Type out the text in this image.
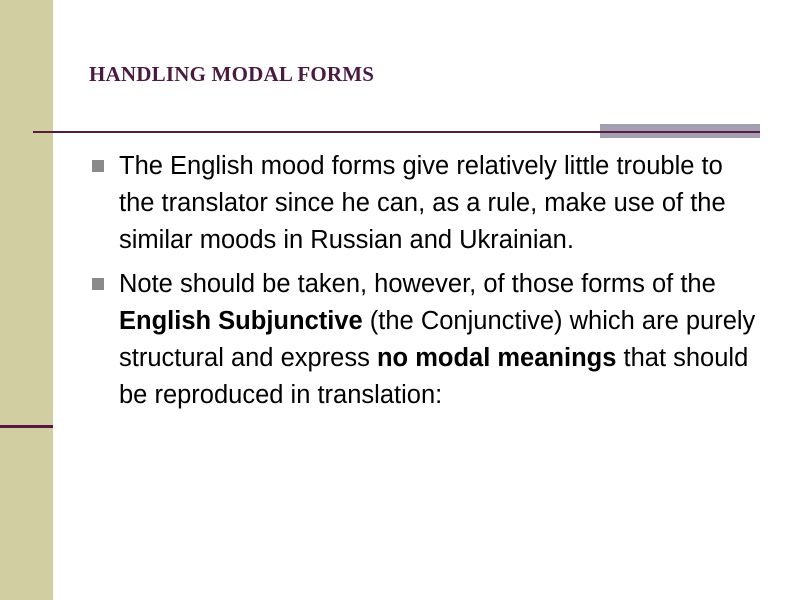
HANDLING MODAL FORMS
The English mood forms give relatively little trouble to the translator since he can, as a rule, make use of the similar moods in Russian and Ukrainian.
Note should be taken, however, of those forms of the English Subjunctive (the Conjunctive) which are purely structural and express no modal meanings that should be reproduced in translation:
